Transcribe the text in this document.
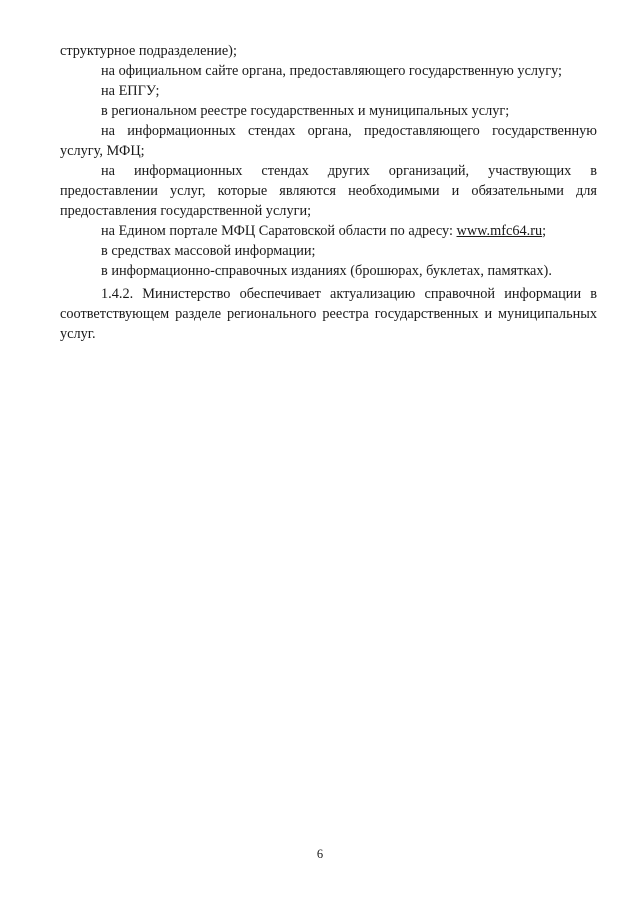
структурное подразделение);

на официальном сайте органа, предоставляющего государственную услугу;

на ЕПГУ;

в региональном реестре государственных и муниципальных услуг;

на информационных стендах органа, предоставляющего государственную услугу, МФЦ;

на информационных стендах других организаций, участвующих в предоставлении услуг, которые являются необходимыми и обязательными для предоставления государственной услуги;

на Едином портале МФЦ Саратовской области по адресу: www.mfc64.ru;

в средствах массовой информации;

в информационно-справочных изданиях (брошюрах, буклетах, памятках).

1.4.2. Министерство обеспечивает актуализацию справочной информации в соответствующем разделе регионального реестра государственных и муниципальных услуг.

6
